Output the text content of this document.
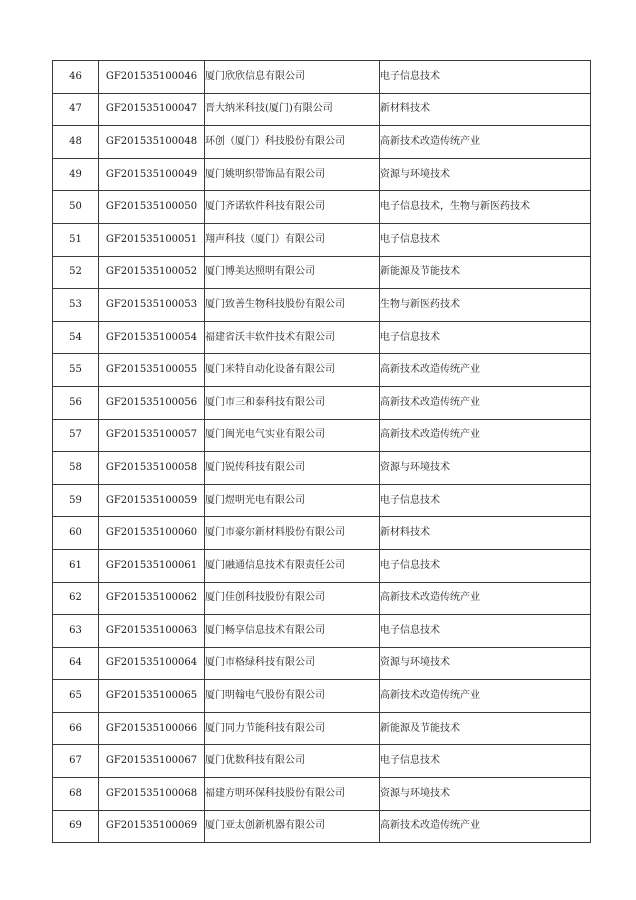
46	GF201535100046	厦门欣欣信息有限公司	电子信息技术
47	GF201535100047	晋大纳米科技(厦门)有限公司	新材料技术
48	GF201535100048	环创（厦门）科技股份有限公司	高新技术改造传统产业
49	GF201535100049	厦门姚明织带饰品有限公司	资源与环境技术
50	GF201535100050	厦门齐诺软件科技有限公司	电子信息技术，生物与新医药技术
51	GF201535100051	翔声科技（厦门）有限公司	电子信息技术
52	GF201535100052	厦门博美达照明有限公司	新能源及节能技术
53	GF201535100053	厦门致善生物科技股份有限公司	生物与新医药技术
54	GF201535100054	福建省沃丰软件技术有限公司	电子信息技术
55	GF201535100055	厦门米特自动化设备有限公司	高新技术改造传统产业
56	GF201535100056	厦门市三和泰科技有限公司	高新技术改造传统产业
57	GF201535100057	厦门闽光电气实业有限公司	高新技术改造传统产业
58	GF201535100058	厦门锐传科技有限公司	资源与环境技术
59	GF201535100059	厦门煜明光电有限公司	电子信息技术
60	GF201535100060	厦门市豪尔新材料股份有限公司	新材料技术
61	GF201535100061	厦门融通信息技术有限责任公司	电子信息技术
62	GF201535100062	厦门佳创科技股份有限公司	高新技术改造传统产业
63	GF201535100063	厦门畅享信息技术有限公司	电子信息技术
64	GF201535100064	厦门市格绿科技有限公司	资源与环境技术
65	GF201535100065	厦门明翰电气股份有限公司	高新技术改造传统产业
66	GF201535100066	厦门同力节能科技有限公司	新能源及节能技术
67	GF201535100067	厦门优数科技有限公司	电子信息技术
68	GF201535100068	福建方明环保科技股份有限公司	资源与环境技术
69	GF201535100069	厦门亚太创新机器有限公司	高新技术改造传统产业
